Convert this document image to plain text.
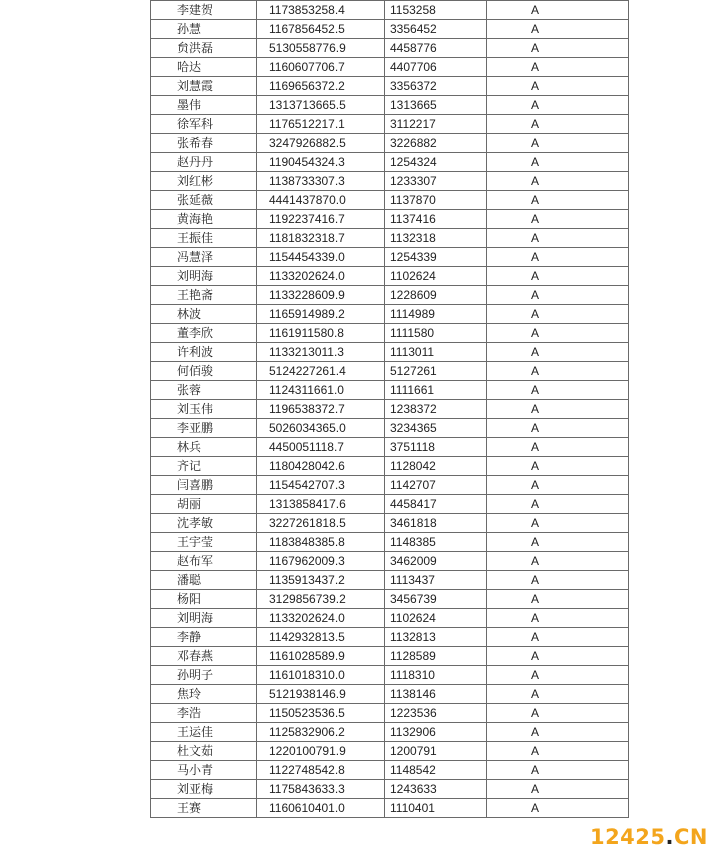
李建贺	1173853258.4	1153258	A
孙慧	1167856452.5	3356452	A
贠洪磊	5130558776.9	4458776	A
哈达	1160607706.7	4407706	A
刘慧霞	1169656372.2	3356372	A
墨伟	1313713665.5	1313665	A
徐军科	1176512217.1	3112217	A
张希春	3247926882.5	3226882	A
赵丹丹	1190454324.3	1254324	A
刘红彬	1138733307.3	1233307	A
张延薇	4441437870.0	1137870	A
黄海艳	1192237416.7	1137416	A
王振佳	1181832318.7	1132318	A
冯慧泽	1154454339.0	1254339	A
刘明海	1133202624.0	1102624	A
王艳斋	1133228609.9	1228609	A
林波	1165914989.2	1114989	A
董李欣	1161911580.8	1111580	A
许利波	1133213011.3	1113011	A
何佰骏	5124227261.4	5127261	A
张蓉	1124311661.0	1111661	A
刘玉伟	1196538372.7	1238372	A
李亚鹏	5026034365.0	3234365	A
林兵	4450051118.7	3751118	A
齐记	1180428042.6	1128042	A
闫喜鹏	1154542707.3	1142707	A
胡丽	1313858417.6	4458417	A
沈孝敏	3227261818.5	3461818	A
王宇莹	1183848385.8	1148385	A
赵布军	1167962009.3	3462009	A
潘聪	1135913437.2	1113437	A
杨阳	3129856739.2	3456739	A
刘明海	1133202624.0	1102624	A
李静	1142932813.5	1132813	A
邓春燕	1161028589.9	1128589	A
孙明子	1161018310.0	1118310	A
焦玲	5121938146.9	1138146	A
李浩	1150523536.5	1223536	A
王运佳	1125832906.2	1132906	A
杜文茹	1220100791.9	1200791	A
马小青	1122748542.8	1148542	A
刘亚梅	1175843633.3	1243633	A
王赛	1160610401.0	1110401	A
12425.CN
